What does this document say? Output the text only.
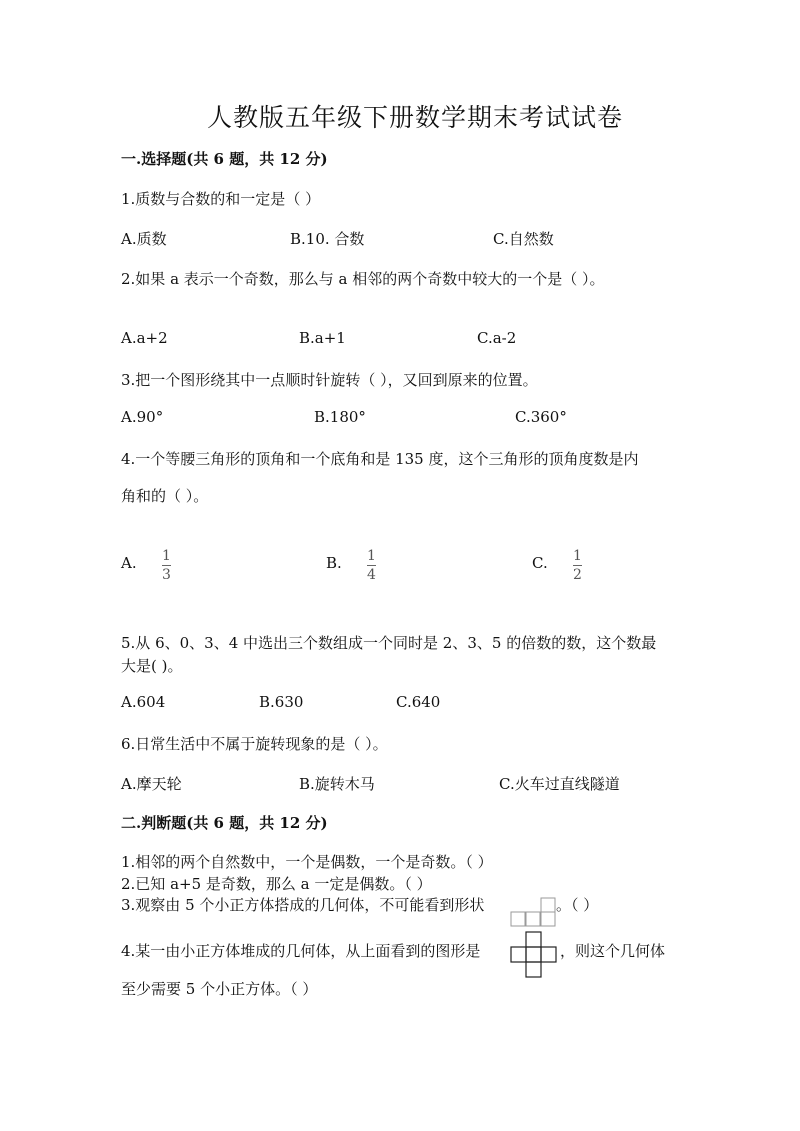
人教版五年级下册数学期末考试试卷
一.选择题(共 6 题，共 12 分)
1.质数与合数的和一定是（ ）
A.质数	B.10. 合数	C.自然数
2.如果 a 表示一个奇数，那么与 a 相邻的两个奇数中较大的一个是（ ）。
A.a+2	B.a+1	C.a-2
3.把一个图形绕其中一点顺时针旋转（ ），又回到原来的位置。
A.90°	B.180°	C.360°
4.一个等腰三角形的顶角和一个底角和是 135 度，这个三角形的顶角度数是内
角和的（ ）。
A. 1
3
B. 1
4
C. 1
2
5.从 6、0、3、4 中选出三个数组成一个同时是 2、3、5 的倍数的数，这个数最
大是( )。
A.604	B.630	C.640
6.日常生活中不属于旋转现象的是（ ）。
A.摩天轮	B.旋转木马	C.火车过直线隧道
二.判断题(共 6 题，共 12 分)
1.相邻的两个自然数中，一个是偶数，一个是奇数。（ ）
2.已知 a+5 是奇数，那么 a 一定是偶数。（ ）
3.观察由 5 个小正方体搭成的几何体，不可能看到形状	。（ ）
4.某一由小正方体堆成的几何体，从上面看到的图形是	，则这个几何体
至少需要 5 个小正方体。（ ）
